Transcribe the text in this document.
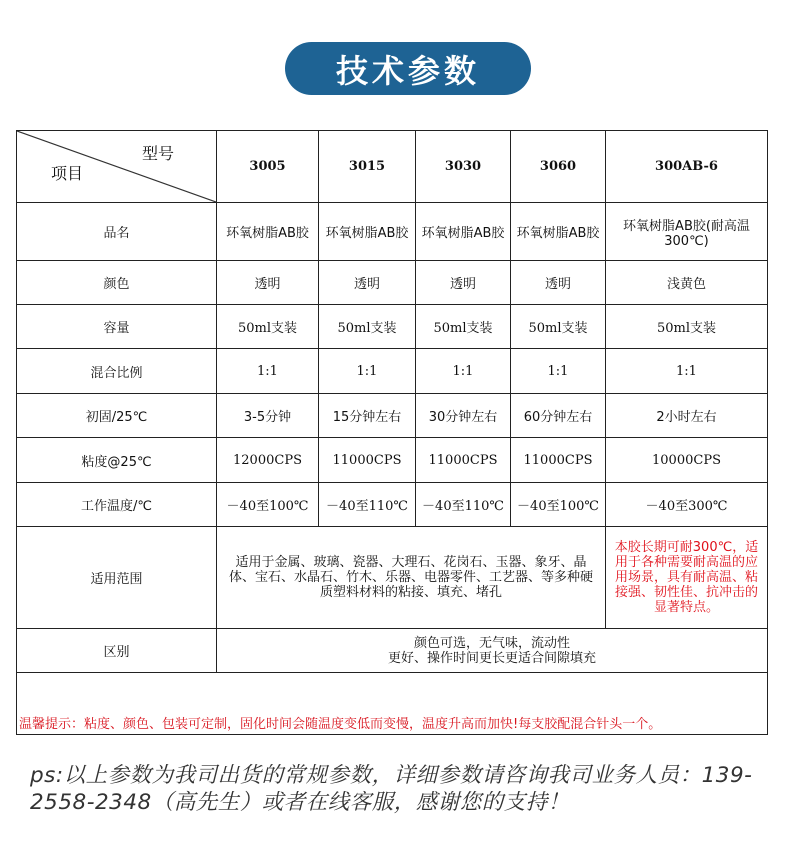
技术参数
型号
项目	3005	3015	3030	3060	300AB-6
品名	环氧树脂AB胶	环氧树脂AB胶	环氧树脂AB胶	环氧树脂AB胶	环氧树脂AB胶(耐高温300℃)
颜色	透明	透明	透明	透明	浅黄色
容量	50ml支装	50ml支装	50ml支装	50ml支装	50ml支装
混合比例	1:1	1:1	1:1	1:1	1:1
初固/25℃	3-5分钟	15分钟左右	30分钟左右	60分钟左右	2小时左右
粘度@25℃	12000CPS	11000CPS	11000CPS	11000CPS	10000CPS
工作温度/℃	－40至100℃	－40至110℃	－40至110℃	－40至100℃	－40至300℃
适用范围	适用于金属、玻璃、瓷器、大理石、花岗石、玉器、象牙、晶体、宝石、水晶石、竹木、乐器、电器零件、工艺器、等多种硬质塑料材料的粘接、填充、堵孔				本胶长期可耐300℃，适用于各种需要耐高温的应用场景，具有耐高温、粘接强、韧性佳、抗冲击的显著特点。
区别	颜色可选，无气味，流动性
更好、操作时间更长更适合间隙填充				

温馨提示：粘度、颜色、包装可定制，固化时间会随温度变低而变慢，温度升高而加快!每支胶配混合针头一个。					
ps:以上参数为我司出货的常规参数，详细参数请咨询我司业务人员：139-2558-2348（高先生）或者在线客服，感谢您的支持！
